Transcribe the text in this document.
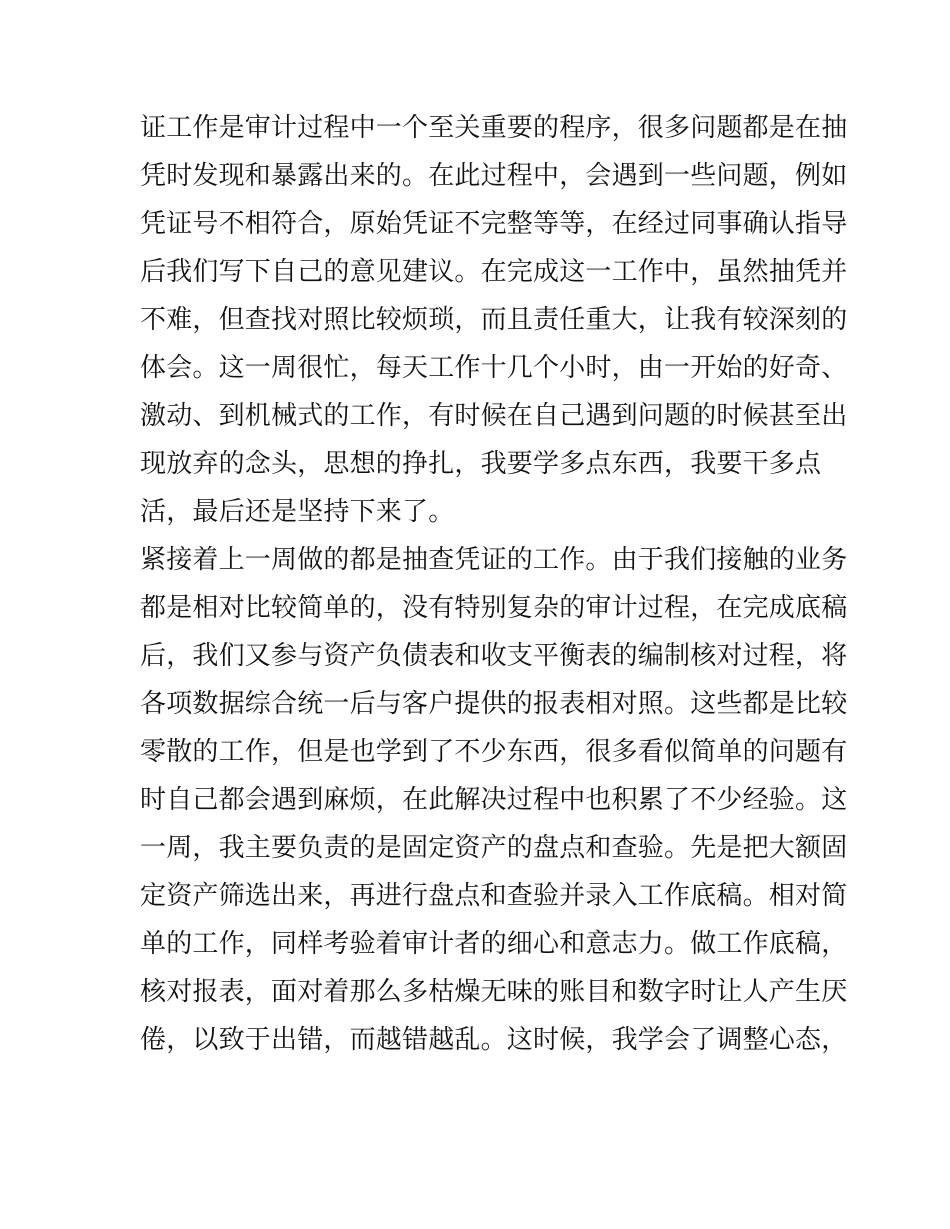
证工作是审计过程中一个至关重要的程序，很多问题都是在抽
凭时发现和暴露出来的。在此过程中，会遇到一些问题，例如
凭证号不相符合，原始凭证不完整等等，在经过同事确认指导
后我们写下自己的意见建议。在完成这一工作中，虽然抽凭并
不难，但查找对照比较烦琐，而且责任重大，让我有较深刻的
体会。这一周很忙，每天工作十几个小时，由一开始的好奇、
激动、到机械式的工作，有时候在自己遇到问题的时候甚至出
现放弃的念头，思想的挣扎，我要学多点东西，我要干多点
活，最后还是坚持下来了。
紧接着上一周做的都是抽查凭证的工作。由于我们接触的业务
都是相对比较简单的，没有特别复杂的审计过程，在完成底稿
后，我们又参与资产负债表和收支平衡表的编制核对过程，将
各项数据综合统一后与客户提供的报表相对照。这些都是比较
零散的工作，但是也学到了不少东西，很多看似简单的问题有
时自己都会遇到麻烦，在此解决过程中也积累了不少经验。这
一周，我主要负责的是固定资产的盘点和查验。先是把大额固
定资产筛选出来，再进行盘点和查验并录入工作底稿。相对简
单的工作，同样考验着审计者的细心和意志力。做工作底稿，
核对报表，面对着那么多枯燥无味的账目和数字时让人产生厌
倦，以致于出错，而越错越乱。这时候，我学会了调整心态，
